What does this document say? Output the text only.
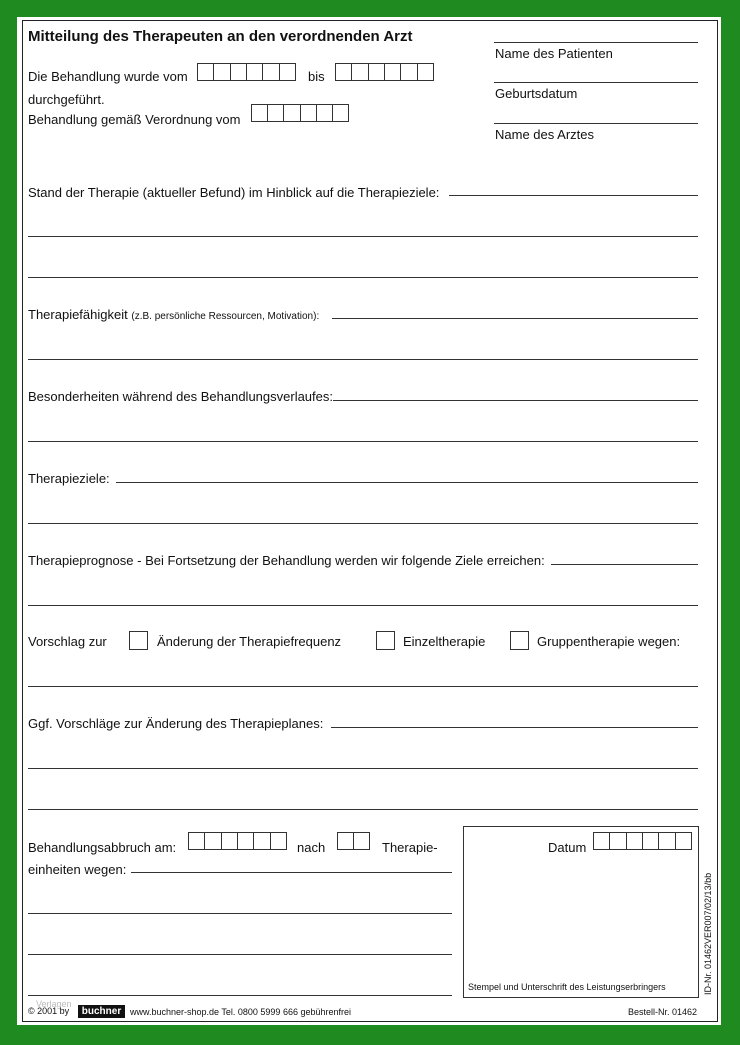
Mitteilung des Therapeuten an den verordnenden Arzt
Die Behandlung wurde vom	bis
durchgeführt.
Behandlung gemäß Verordnung vom
Name des Patienten
Geburtsdatum
Name des Arztes
Stand der Therapie (aktueller Befund) im Hinblick auf die Therapieziele:
Therapiefähigkeit (z.B. persönliche Ressourcen, Motivation):
Besonderheiten während des Behandlungsverlaufes:
Therapieziele:
Therapieprognose - Bei Fortsetzung der Behandlung werden wir folgende Ziele erreichen:
Vorschlag zur	Änderung der Therapiefrequenz	Einzeltherapie	Gruppentherapie wegen:
Ggf. Vorschläge zur Änderung des Therapieplanes:
Behandlungsabbruch am:	nach	Therapie-
einheiten wegen:
Datum
Stempel und Unterschrift des Leistungserbringers
Verlagen
© 2001 by	buchner www.buchner-shop.de Tel. 0800 5999 666 gebührenfrei	Bestell-Nr. 01462
ID-Nr. 01462VER007/02/13/bb
